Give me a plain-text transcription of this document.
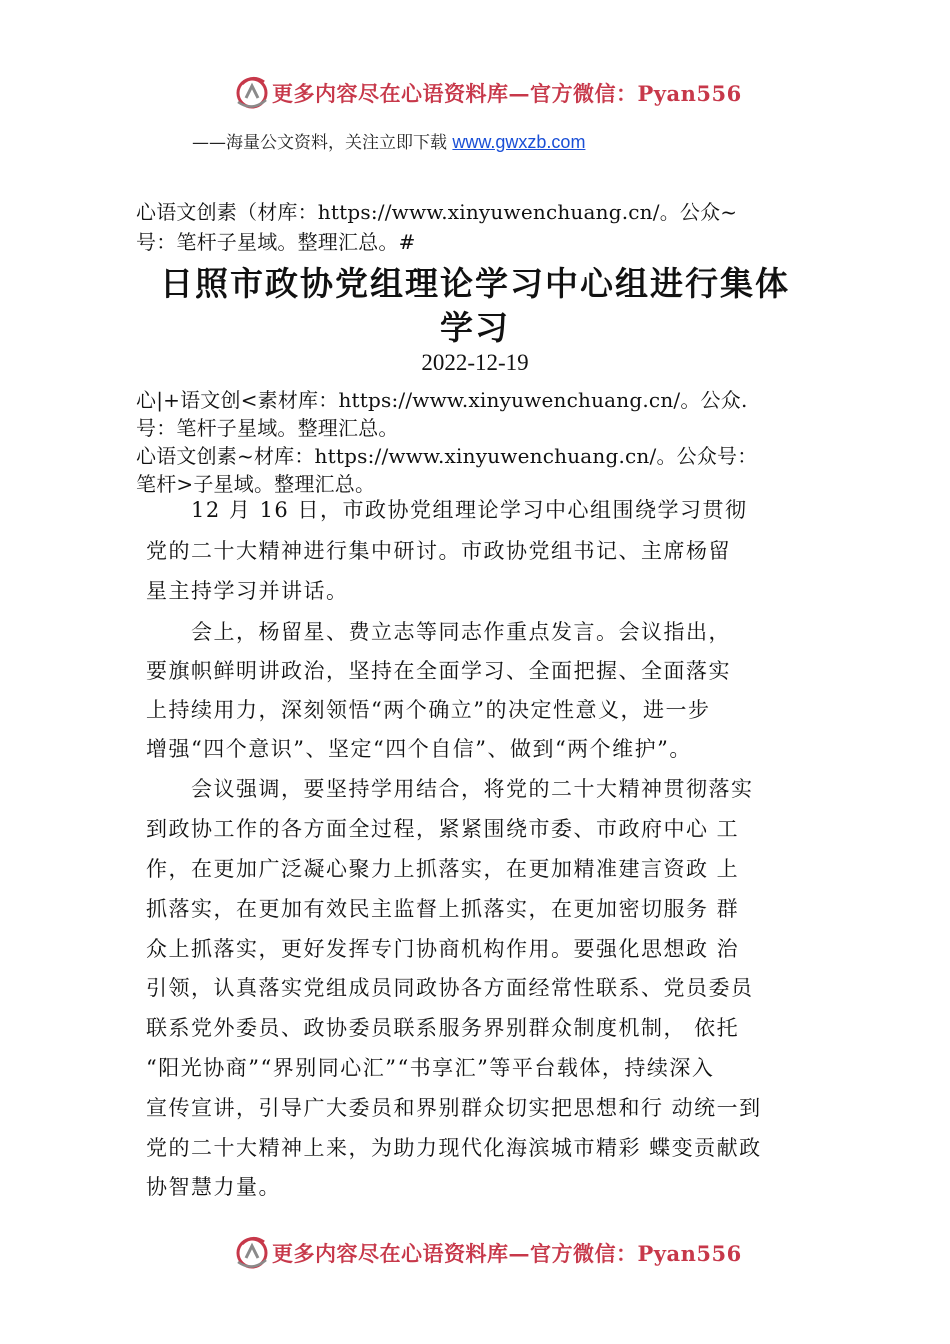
更多内容尽在心语资料库—官方微信：Pyan556
——海量公文资料，关注立即下载 www.gwxzb.com
心语文创素（材库：https://www.xinyuwenchuang.cn/。公众~
号：笔杆子星域。整理汇总。#
日照市政协党组理论学习中心组进行集体
学习
2022-12-19
心|+语文创<素材库：https://www.xinyuwenchuang.cn/。公众.
号：笔杆子星域。整理汇总。
心语文创素~材库：https://www.xinyuwenchuang.cn/。公众号：
笔杆>子星域。整理汇总。
　　12 月 16 日，市政协党组理论学习中心组围绕学习贯彻
党的二十大精神进行集中研讨。市政协党组书记、主席杨留
星主持学习并讲话。
　　会上，杨留星、费立志等同志作重点发言。会议指出，
要旗帜鲜明讲政治，坚持在全面学习、全面把握、全面落实
上持续用力，深刻领悟“两个确立”的决定性意义，进一步
增强“四个意识”、坚定“四个自信”、做到“两个维护”。
　　会议强调，要坚持学用结合，将党的二十大精神贯彻落实
到政协工作的各方面全过程，紧紧围绕市委、市政府中心 工
作，在更加广泛凝心聚力上抓落实，在更加精准建言资政 上
抓落实，在更加有效民主监督上抓落实，在更加密切服务 群
众上抓落实，更好发挥专门协商机构作用。要强化思想政 治
引领，认真落实党组成员同政协各方面经常性联系、党员委员
联系党外委员、政协委员联系服务界别群众制度机制， 依托
“阳光协商”“界别同心汇”“书享汇”等平台载体，持续深入
宣传宣讲，引导广大委员和界别群众切实把思想和行 动统一到
党的二十大精神上来，为助力现代化海滨城市精彩 蝶变贡献政
协智慧力量。
更多内容尽在心语资料库—官方微信：Pyan556
